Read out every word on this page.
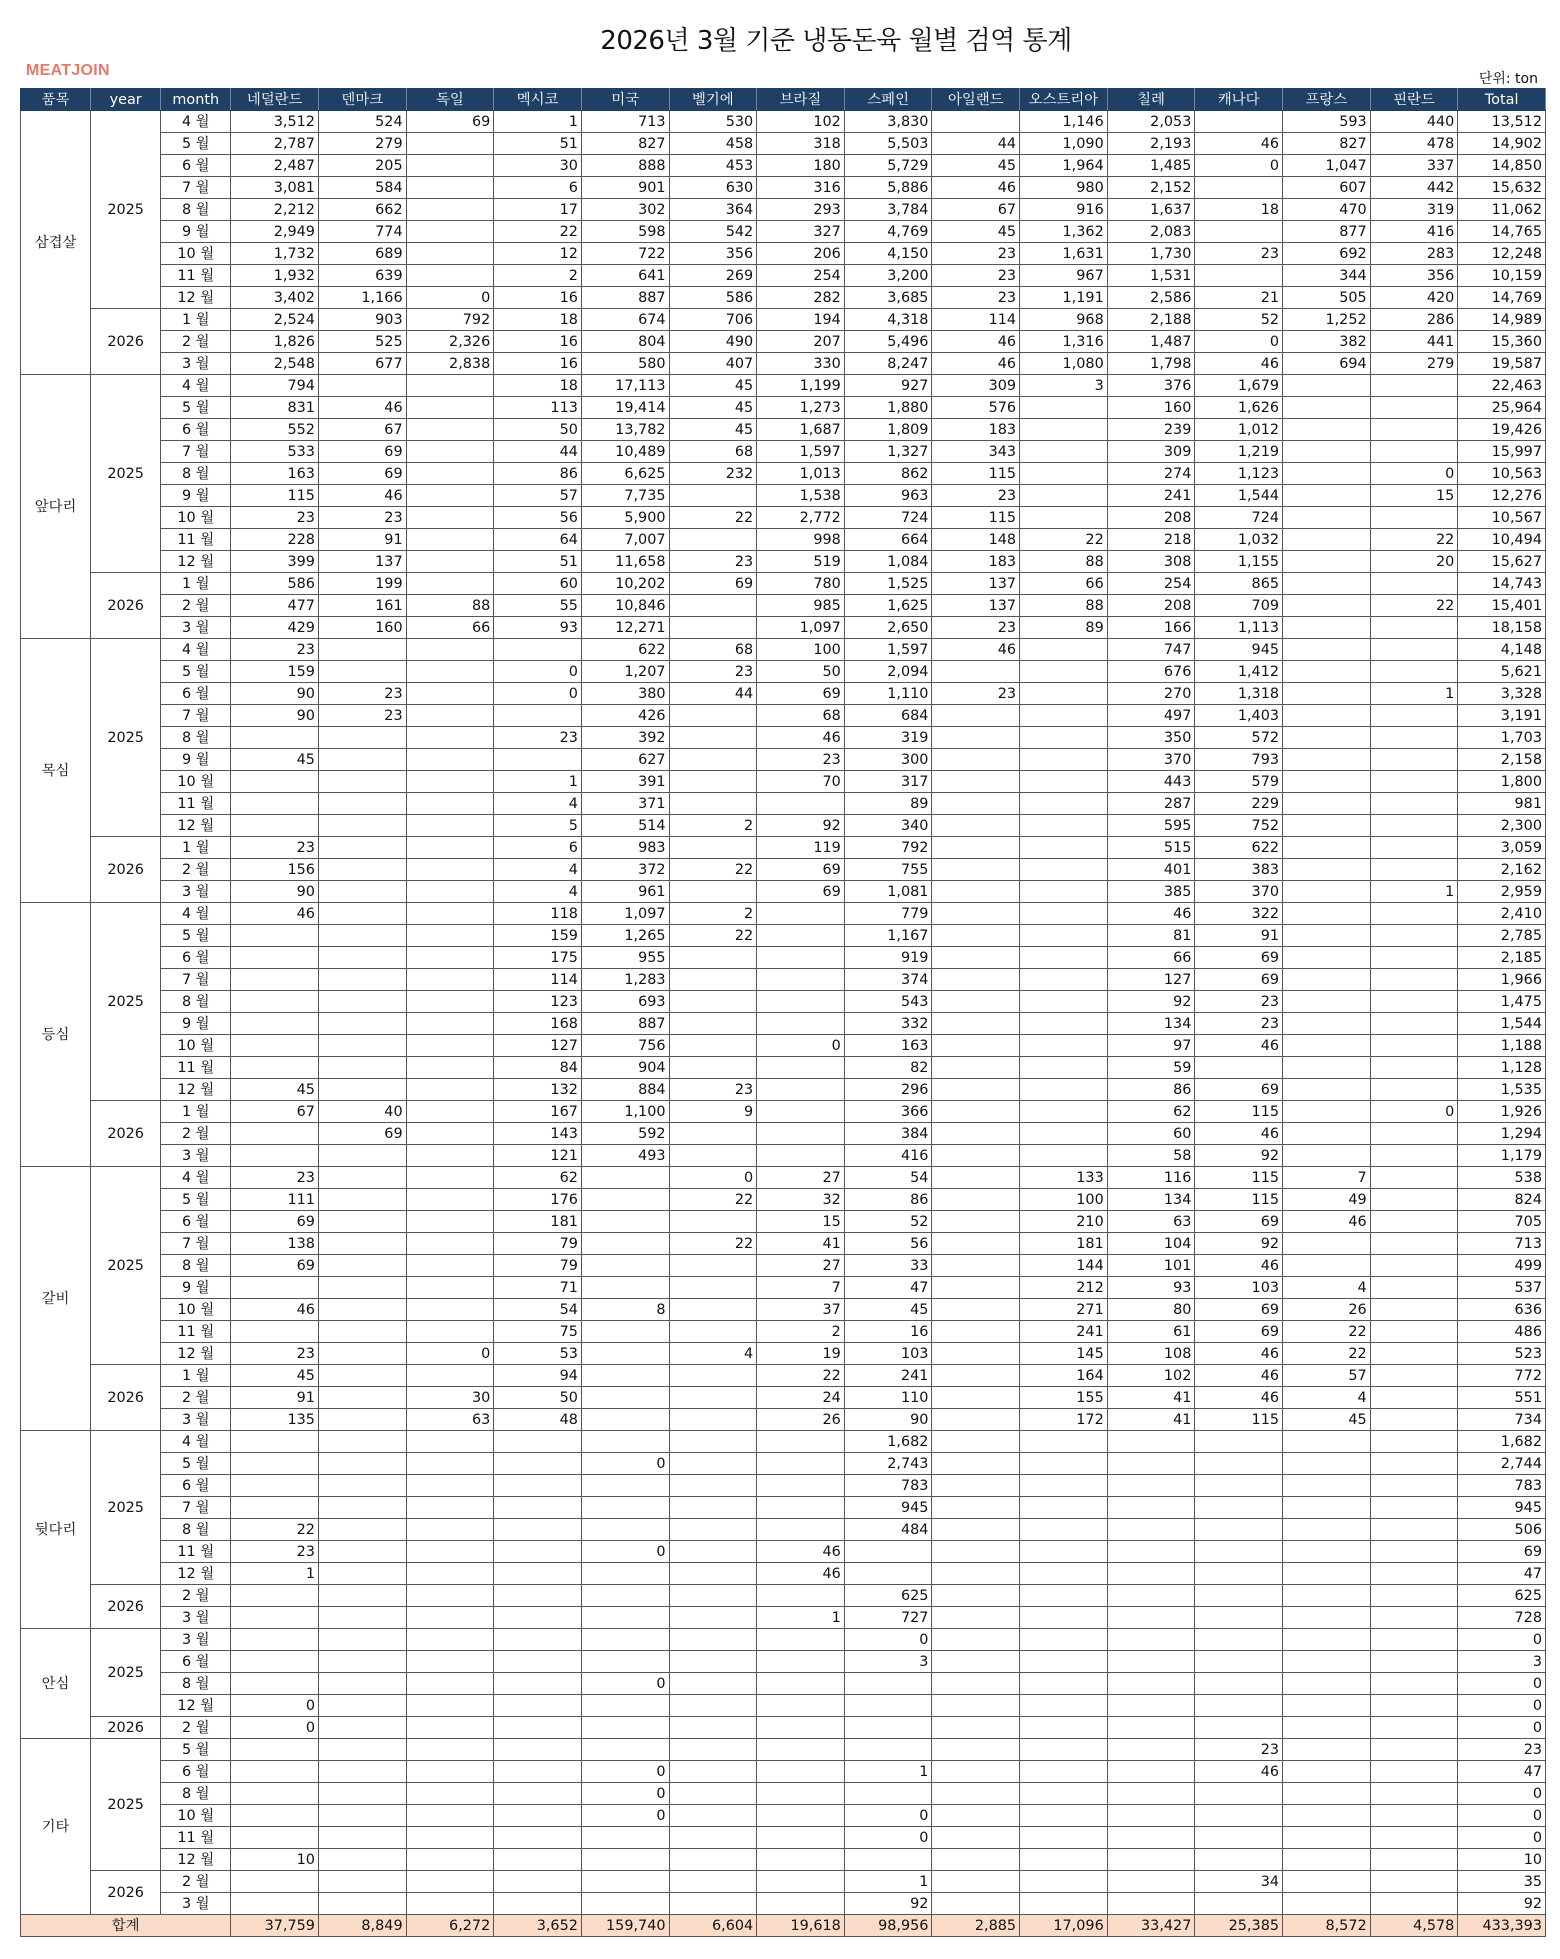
2026년 3월 기준 냉동돈육 월별 검역 통계
MEATJOIN	단위: ton
품목	year	month	네덜란드	덴마크	독일	멕시코	미국	벨기에	브라질	스페인	아일랜드	오스트리아	칠레	캐나다	프랑스	핀란드	Total
삼겹살	2025	4 월	3,512	524	69	1	713	530	102	3,830		1,146	2,053		593	440	13,512
		5 월	2,787	279		51	827	458	318	5,503	44	1,090	2,193	46	827	478	14,902
		6 월	2,487	205		30	888	453	180	5,729	45	1,964	1,485	0	1,047	337	14,850
		7 월	3,081	584		6	901	630	316	5,886	46	980	2,152		607	442	15,632
		8 월	2,212	662		17	302	364	293	3,784	67	916	1,637	18	470	319	11,062
		9 월	2,949	774		22	598	542	327	4,769	45	1,362	2,083		877	416	14,765
		10 월	1,732	689		12	722	356	206	4,150	23	1,631	1,730	23	692	283	12,248
		11 월	1,932	639		2	641	269	254	3,200	23	967	1,531		344	356	10,159
		12 월	3,402	1,166	0	16	887	586	282	3,685	23	1,191	2,586	21	505	420	14,769
	2026	1 월	2,524	903	792	18	674	706	194	4,318	114	968	2,188	52	1,252	286	14,989
		2 월	1,826	525	2,326	16	804	490	207	5,496	46	1,316	1,487	0	382	441	15,360
		3 월	2,548	677	2,838	16	580	407	330	8,247	46	1,080	1,798	46	694	279	19,587
앞다리	2025	4 월	794			18	17,113	45	1,199	927	309	3	376	1,679			22,463
		5 월	831	46		113	19,414	45	1,273	1,880	576		160	1,626			25,964
		6 월	552	67		50	13,782	45	1,687	1,809	183		239	1,012			19,426
		7 월	533	69		44	10,489	68	1,597	1,327	343		309	1,219			15,997
		8 월	163	69		86	6,625	232	1,013	862	115		274	1,123		0	10,563
		9 월	115	46		57	7,735		1,538	963	23		241	1,544		15	12,276
		10 월	23	23		56	5,900	22	2,772	724	115		208	724			10,567
		11 월	228	91		64	7,007		998	664	148	22	218	1,032		22	10,494
		12 월	399	137		51	11,658	23	519	1,084	183	88	308	1,155		20	15,627
	2026	1 월	586	199		60	10,202	69	780	1,525	137	66	254	865			14,743
		2 월	477	161	88	55	10,846		985	1,625	137	88	208	709		22	15,401
		3 월	429	160	66	93	12,271		1,097	2,650	23	89	166	1,113			18,158
목심	2025	4 월	23				622	68	100	1,597	46		747	945			4,148
		5 월	159			0	1,207	23	50	2,094			676	1,412			5,621
		6 월	90	23		0	380	44	69	1,110	23		270	1,318		1	3,328
		7 월	90	23			426		68	684			497	1,403			3,191
		8 월				23	392		46	319			350	572			1,703
		9 월	45				627		23	300			370	793			2,158
		10 월				1	391		70	317			443	579			1,800
		11 월				4	371			89			287	229			981
		12 월				5	514	2	92	340			595	752			2,300
	2026	1 월	23			6	983		119	792			515	622			3,059
		2 월	156			4	372	22	69	755			401	383			2,162
		3 월	90			4	961		69	1,081			385	370		1	2,959
등심	2025	4 월	46			118	1,097	2		779			46	322			2,410
		5 월				159	1,265	22		1,167			81	91			2,785
		6 월				175	955			919			66	69			2,185
		7 월				114	1,283			374			127	69			1,966
		8 월				123	693			543			92	23			1,475
		9 월				168	887			332			134	23			1,544
		10 월				127	756		0	163			97	46			1,188
		11 월				84	904			82			59				1,128
		12 월	45			132	884	23		296			86	69			1,535
	2026	1 월	67	40		167	1,100	9		366			62	115		0	1,926
		2 월		69		143	592			384			60	46			1,294
		3 월				121	493			416			58	92			1,179
갈비	2025	4 월	23			62		0	27	54		133	116	115	7		538
		5 월	111			176		22	32	86		100	134	115	49		824
		6 월	69			181			15	52		210	63	69	46		705
		7 월	138			79		22	41	56		181	104	92			713
		8 월	69			79			27	33		144	101	46			499
		9 월				71			7	47		212	93	103	4		537
		10 월	46			54	8		37	45		271	80	69	26		636
		11 월				75			2	16		241	61	69	22		486
		12 월	23		0	53		4	19	103		145	108	46	22		523
	2026	1 월	45			94			22	241		164	102	46	57		772
		2 월	91		30	50			24	110		155	41	46	4		551
		3 월	135		63	48			26	90		172	41	115	45		734
뒷다리	2025	4 월								1,682							1,682
		5 월					0			2,743							2,744
		6 월								783							783
		7 월								945							945
		8 월	22							484							506
		11 월	23				0		46								69
		12 월	1						46								47
	2026	2 월								625							625
		3 월							1	727							728
안심	2025	3 월								0							0
		6 월								3							3
		8 월					0										0
		12 월	0														0
	2026	2 월	0														0
기타	2025	5 월												23			23
		6 월					0			1				46			47
		8 월					0										0
		10 월					0			0							0
		11 월								0							0
		12 월	10														10
	2026	2 월								1				34			35
		3 월								92							92
합계			37,759	8,849	6,272	3,652	159,740	6,604	19,618	98,956	2,885	17,096	33,427	25,385	8,572	4,578	433,393
